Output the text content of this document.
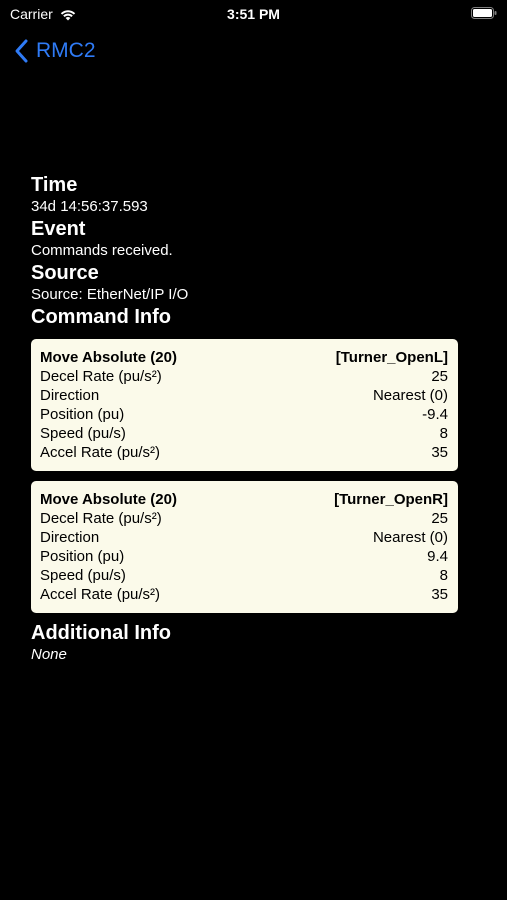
Carrier	3:51 PM
RMC2

Time

34d 14:56:37.593

Event

Commands received.

Source

Source: EtherNet/IP I/O

Command Info

Move Absolute (20)	[Turner_OpenL]
Decel Rate (pu/s²)	25
Direction	Nearest (0)
Position (pu)	-9.4
Speed (pu/s)	8
Accel Rate (pu/s²)	35
Move Absolute (20)	[Turner_OpenR]
Decel Rate (pu/s²)	25
Direction	Nearest (0)
Position (pu)	9.4
Speed (pu/s)	8
Accel Rate (pu/s²)	35

Additional Info

None
